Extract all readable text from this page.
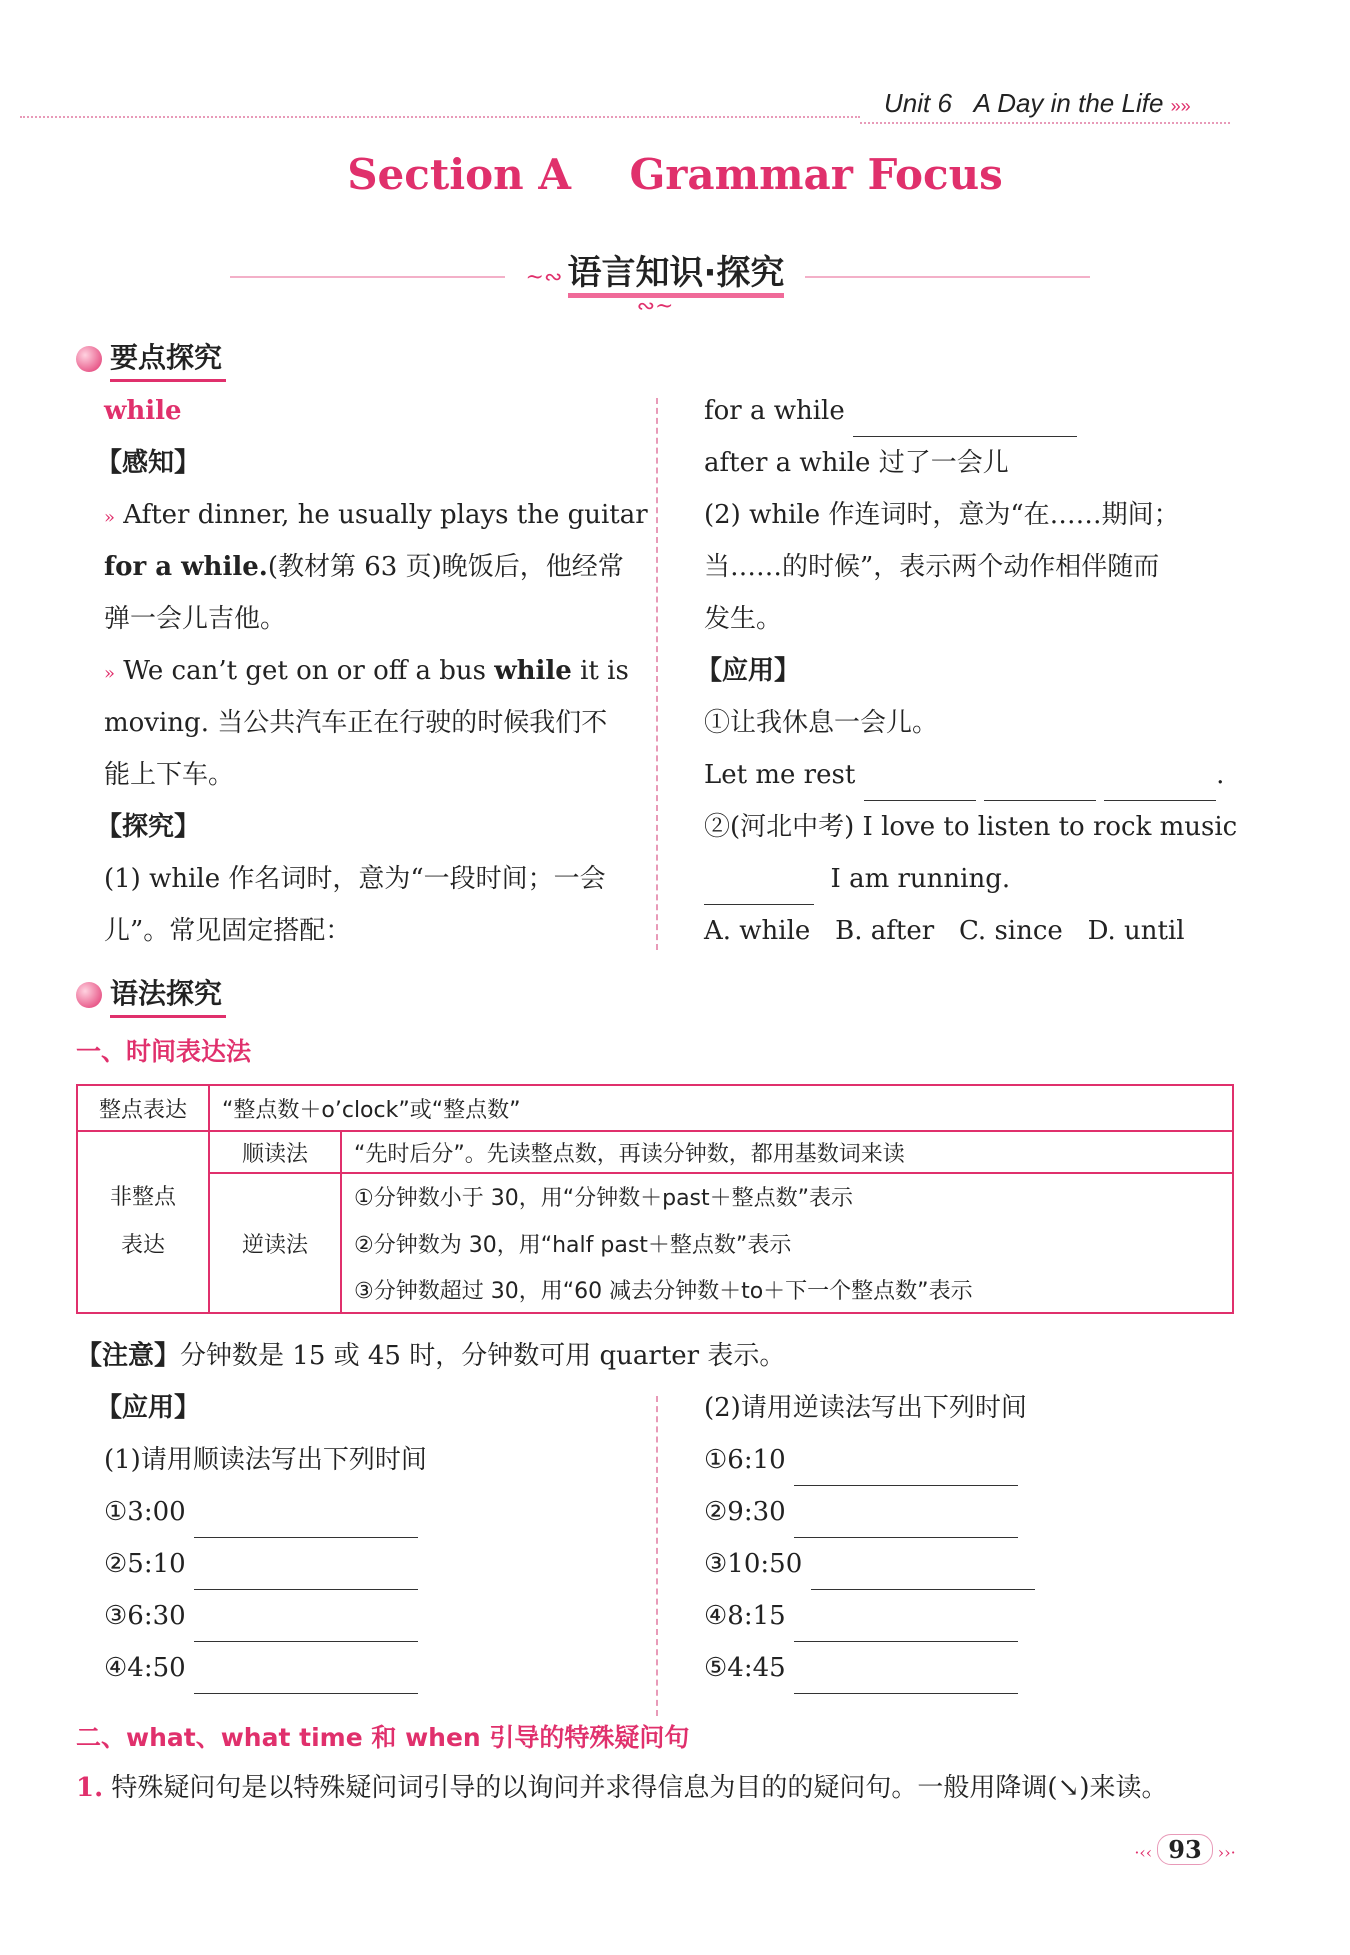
Unit 6 A Day in the Life »»
Section A Grammar Focus
~∾ 语言知识·探究 ∾~
要点探究
while
【感知】
» After dinner, he usually plays the guitar
for a while.(教材第 63 页)晚饭后，他经常
弹一会儿吉他。
» We can’t get on or off a bus while it is
moving. 当公共汽车正在行驶的时候我们不
能上下车。
【探究】
(1) while 作名词时，意为“一段时间；一会
儿”。常见固定搭配：
for a while
after a while 过了一会儿
(2) while 作连词时，意为“在……期间；
当……的时候”，表示两个动作相伴随而
发生。
【应用】
①让我休息一会儿。
Let me rest	.
②(河北中考) I love to listen to rock music
I am running.
A. while B. after C. since D. until
语法探究
一、时间表达法
整点表达	“整点数＋o’clock”或“整点数”	
非整点
表达	顺读法	“先时后分”。先读整点数，再读分钟数，都用基数词来读
	逆读法	①分钟数小于 30，用“分钟数＋past＋整点数”表示
		②分钟数为 30，用“half past＋整点数”表示
		③分钟数超过 30，用“60 减去分钟数＋to＋下一个整点数”表示
【注意】分钟数是 15 或 45 时，分钟数可用 quarter 表示。
【应用】
(1)请用顺读法写出下列时间
①3:00
②5:10
③6:30
④4:50
(2)请用逆读法写出下列时间
①6:10
②9:30
③10:50
④8:15
⑤4:45
二、what、what time 和 when 引导的特殊疑问句
1. 特殊疑问句是以特殊疑问词引导的以询问并求得信息为目的的疑问句。一般用降调(↘)来读。
·‹‹ 93 ››·
